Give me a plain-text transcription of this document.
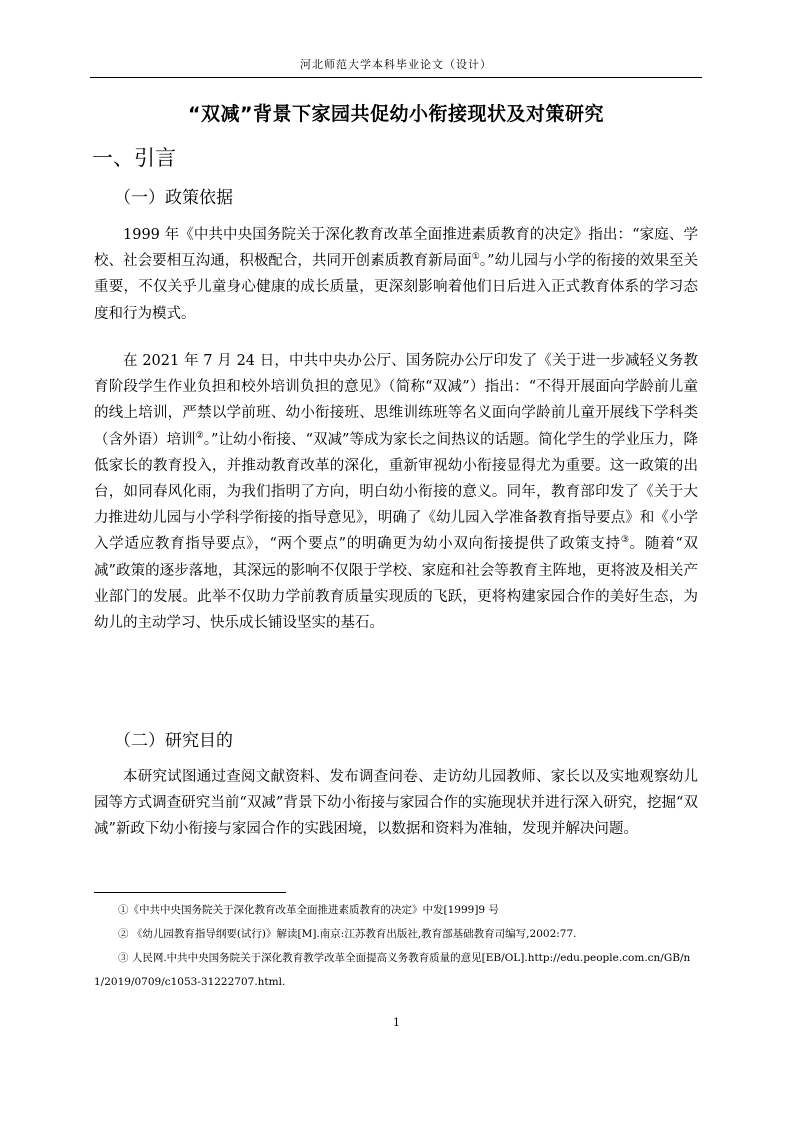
河北师范大学本科毕业论文（设计）
“双减”背景下家园共促幼小衔接现状及对策研究
一、引言
（一）政策依据

1999 年《中共中央国务院关于深化教育改革全面推进素质教育的决定》指出：“家庭、学校、社会要相互沟通，积极配合，共同开创素质教育新局面①。”幼儿园与小学的衔接的效果至关重要，不仅关乎儿童身心健康的成长质量，更深刻影响着他们日后进入正式教育体系的学习态度和行为模式。

在 2021 年 7 月 24 日，中共中央办公厅、国务院办公厅印发了《关于进一步减轻义务教育阶段学生作业负担和校外培训负担的意见》（简称“双减”）指出：“不得开展面向学龄前儿童的线上培训，严禁以学前班、幼小衔接班、思维训练班等名义面向学龄前儿童开展线下学科类（含外语）培训②。”让幼小衔接、“双减”等成为家长之间热议的话题。简化学生的学业压力，降低家长的教育投入，并推动教育改革的深化，重新审视幼小衔接显得尤为重要。这一政策的出台，如同春风化雨，为我们指明了方向，明白幼小衔接的意义。同年，教育部印发了《关于大力推进幼儿园与小学科学衔接的指导意见》，明确了《幼儿园入学准备教育指导要点》和《小学入学适应教育指导要点》，“两个要点”的明确更为幼小双向衔接提供了政策支持③。随着“双减”政策的逐步落地，其深远的影响不仅限于学校、家庭和社会等教育主阵地，更将波及相关产业部门的发展。此举不仅助力学前教育质量实现质的飞跃，更将构建家园合作的美好生态，为幼儿的主动学习、快乐成长铺设坚实的基石。

（二）研究目的

本研究试图通过查阅文献资料、发布调查问卷、走访幼儿园教师、家长以及实地观察幼儿园等方式调查研究当前“双减”背景下幼小衔接与家园合作的实施现状并进行深入研究，挖掘“双减”新政下幼小衔接与家园合作的实践困境，以数据和资料为准轴，发现并解决问题。

①《中共中央国务院关于深化教育改革全面推进素质教育的决定》中发[1999]9 号

② 《幼儿园教育指导纲要(试行)》解读[M].南京:江苏教育出版社,教育部基础教育司编写,2002:77.

③ 人民网.中共中央国务院关于深化教育教学改革全面提高义务教育质量的意见[EB/OL].http://edu.people.com.cn/GB/n1/2019/0709/c1053-31222707.html.

1
